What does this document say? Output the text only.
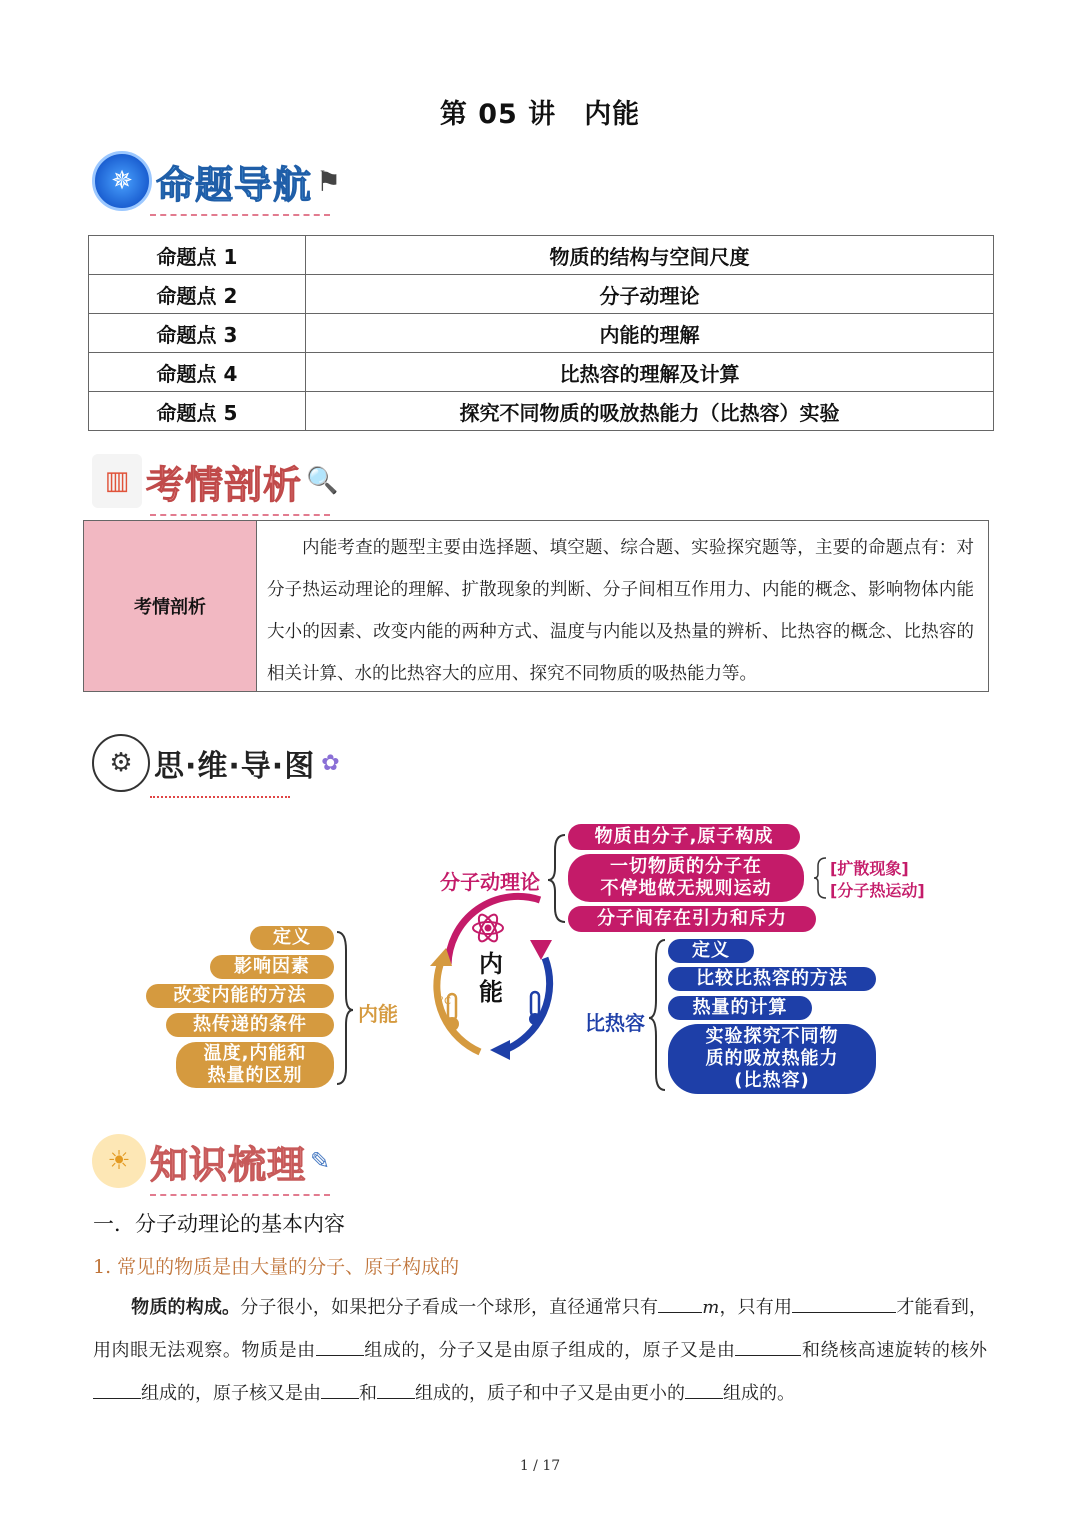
第 05 讲 内能
✵ 命题导航 ⚑
命题点 1	物质的结构与空间尺度
命题点 2	分子动理论
命题点 3	内能的理解
命题点 4	比热容的理解及计算
命题点 5	探究不同物质的吸放热能力（比热容）实验
▥ 考情剖析 🔍
考情剖析
内能考查的题型主要由选择题、填空题、综合题、实验探究题等，主要的命题点有：对分子热运动理论的理解、扩散现象的判断、分子间相互作用力、内能的概念、影响物体内能大小的因素、改变内能的两种方式、温度与内能以及热量的辨析、比热容的概念、比热容的相关计算、水的比热容大的应用、探究不同物质的吸热能力等。
⚙ 思·维·导·图 ✿
内
能
°C
分子动理论
内能	比热容
物质由分子,原子构成
一切物质的分子在
不停地做无规则运动
分子间存在引力和斥力
[扩散现象]
[分子热运动]
定义
影响因素
改变内能的方法
热传递的条件
温度,内能和
热量的区别
定义
比较比热容的方法
热量的计算
实验探究不同物
质的吸放热能力
(比热容)
☀ 知识梳理 ✎
一．分子动理论的基本内容
1. 常见的物质是由大量的分子、原子构成的
物质的构成。分子很小，如果把分子看成一个球形，直径通常只有 m，只有用	才能看到，用肉眼无法观察。物质是由	组成的，分子又是由原子组成的，原子又是由	和绕核高速旋转的核外组成的，原子核又是由 和 组成的，质子和中子又是由更小的 组成的。
1 / 17
